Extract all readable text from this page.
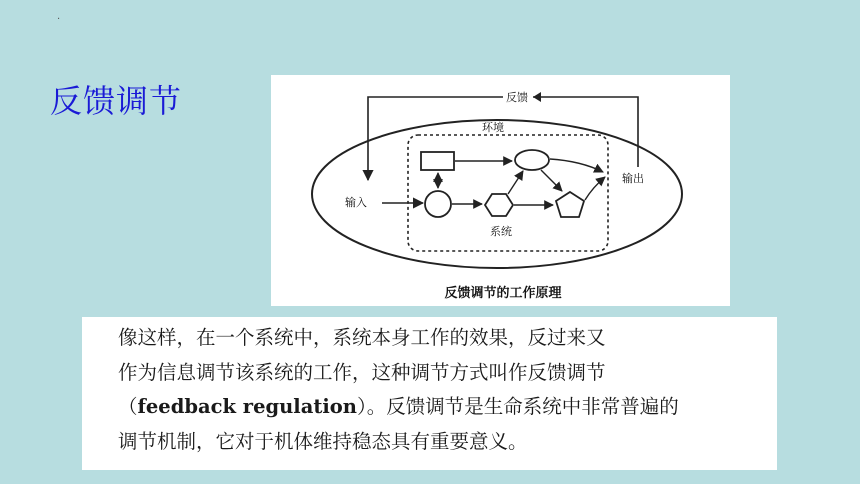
·
反馈调节	反馈
环境
输入
输出
系统
反馈调节的工作原理
像这样，在一个系统中，系统本身工作的效果，反过来又
作为信息调节该系统的工作，这种调节方式叫作反馈调节
（feedback regulation）。反馈调节是生命系统中非常普遍的
调节机制，它对于机体维持稳态具有重要意义。
